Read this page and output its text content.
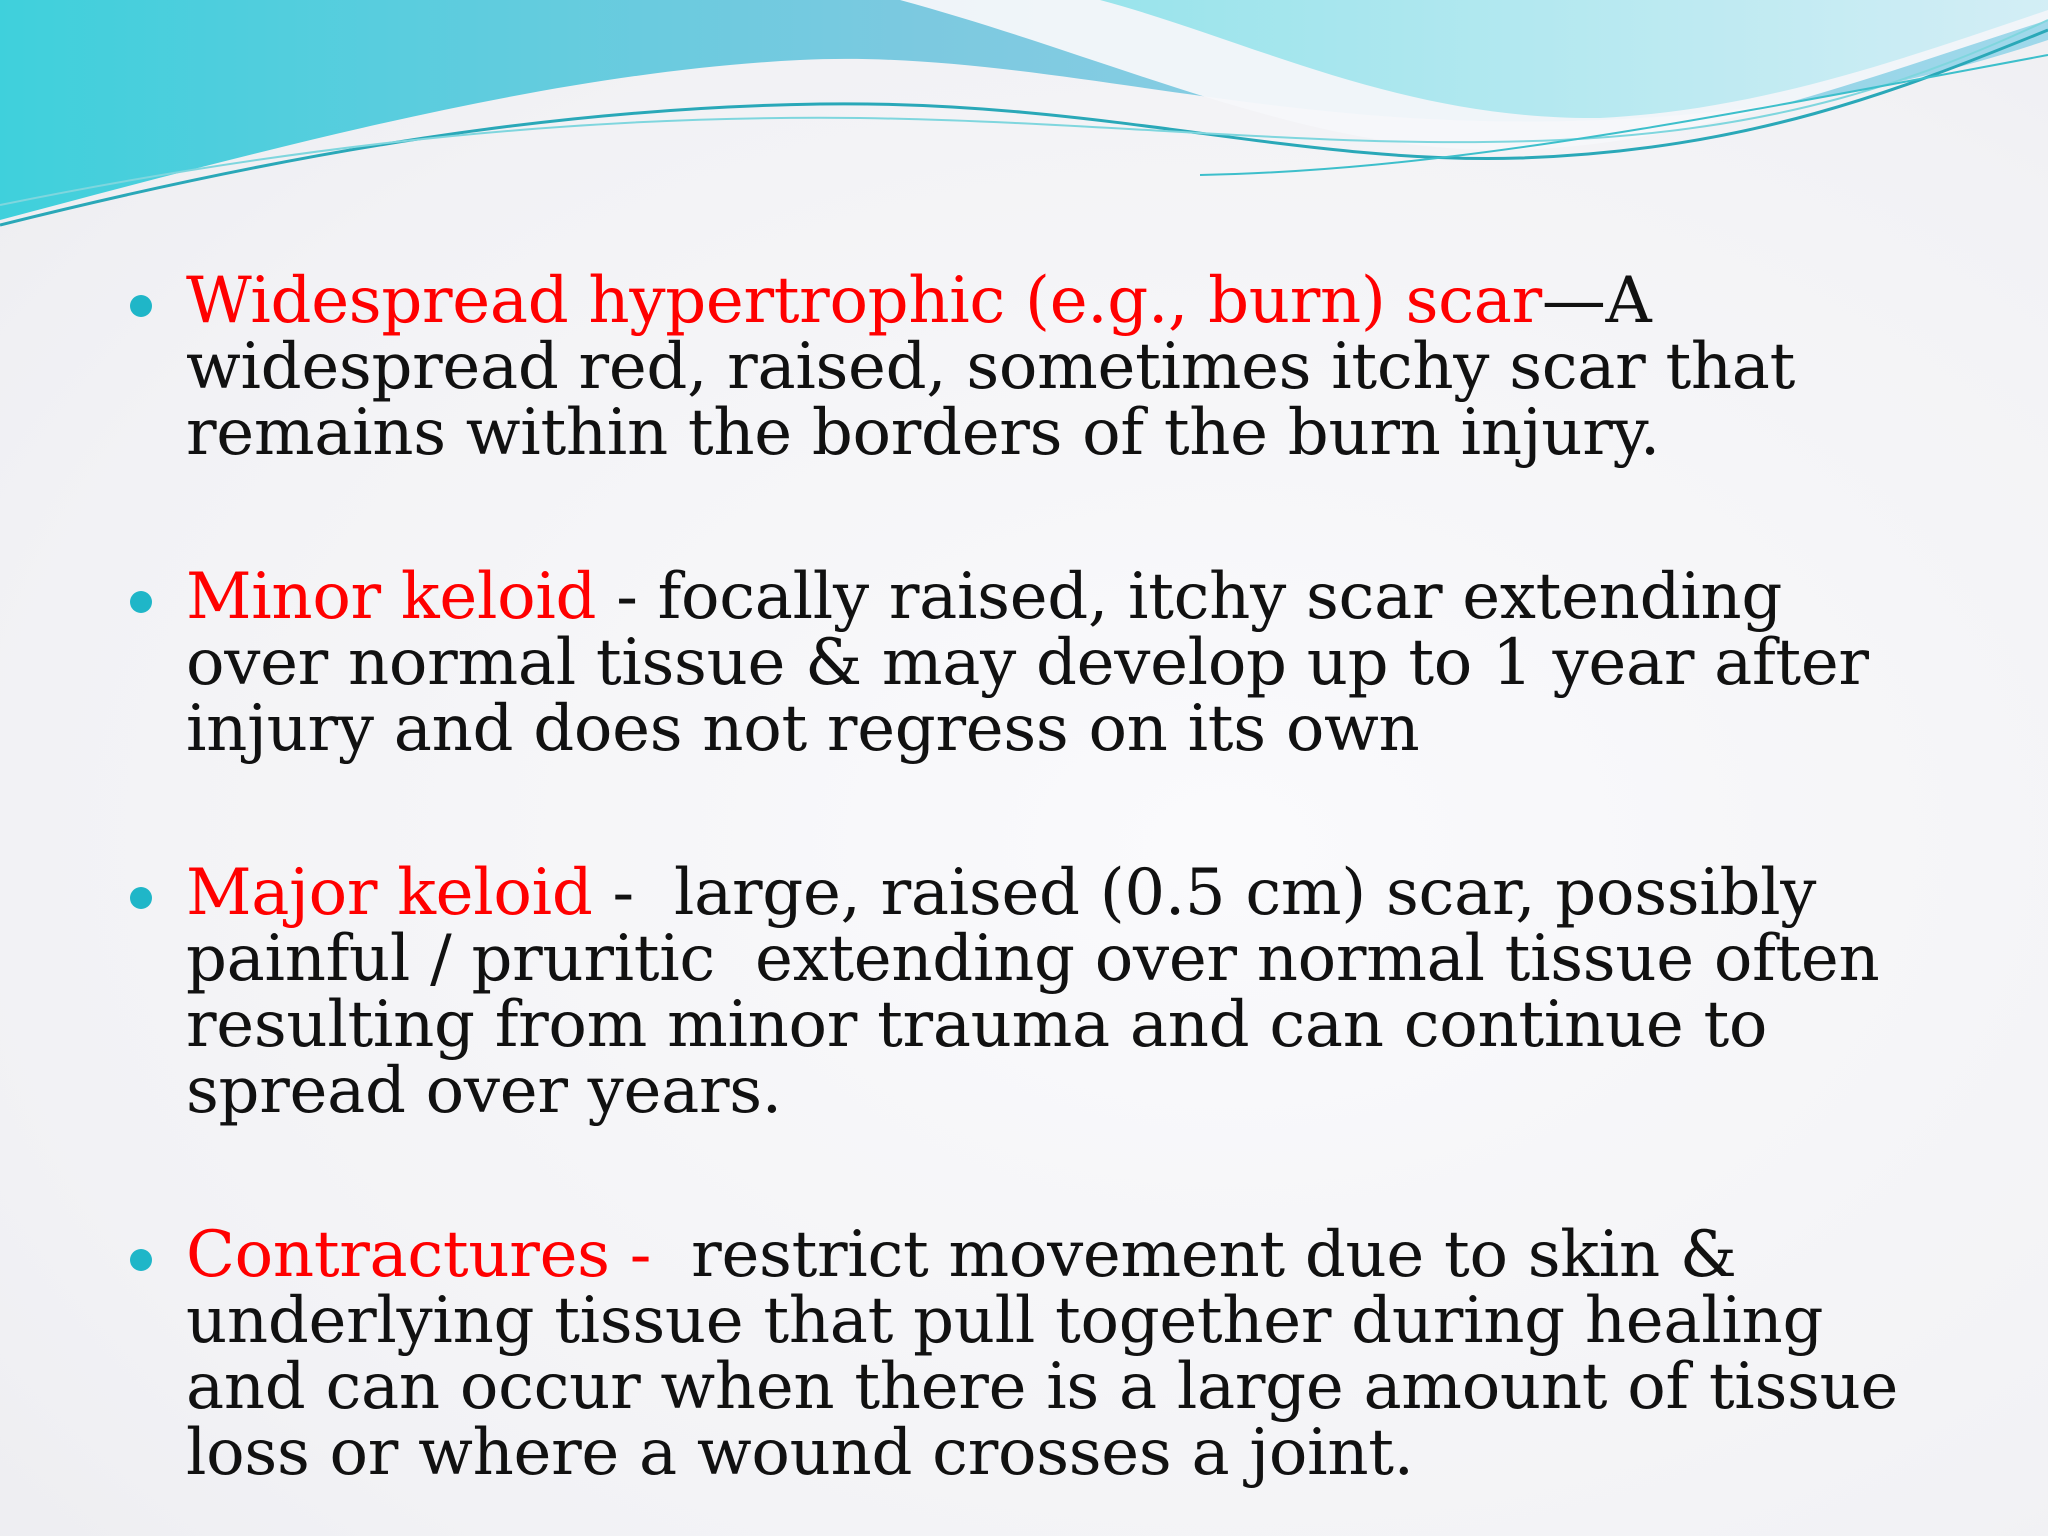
Widespread hypertrophic (e.g., burn) scar—A widespread red, raised, sometimes itchy scar that remains within the borders of the burn injury.
Minor keloid - focally raised, itchy scar extending over normal tissue & may develop up to 1 year after injury and does not regress on its own
Major keloid -  large, raised (0.5 cm) scar, possibly painful / pruritic  extending over normal tissue often resulting from minor trauma and can continue to spread over years.
Contractures -  restrict movement due to skin & underlying tissue that pull together during healing and can occur when there is a large amount of tissue loss or where a wound crosses a joint.
